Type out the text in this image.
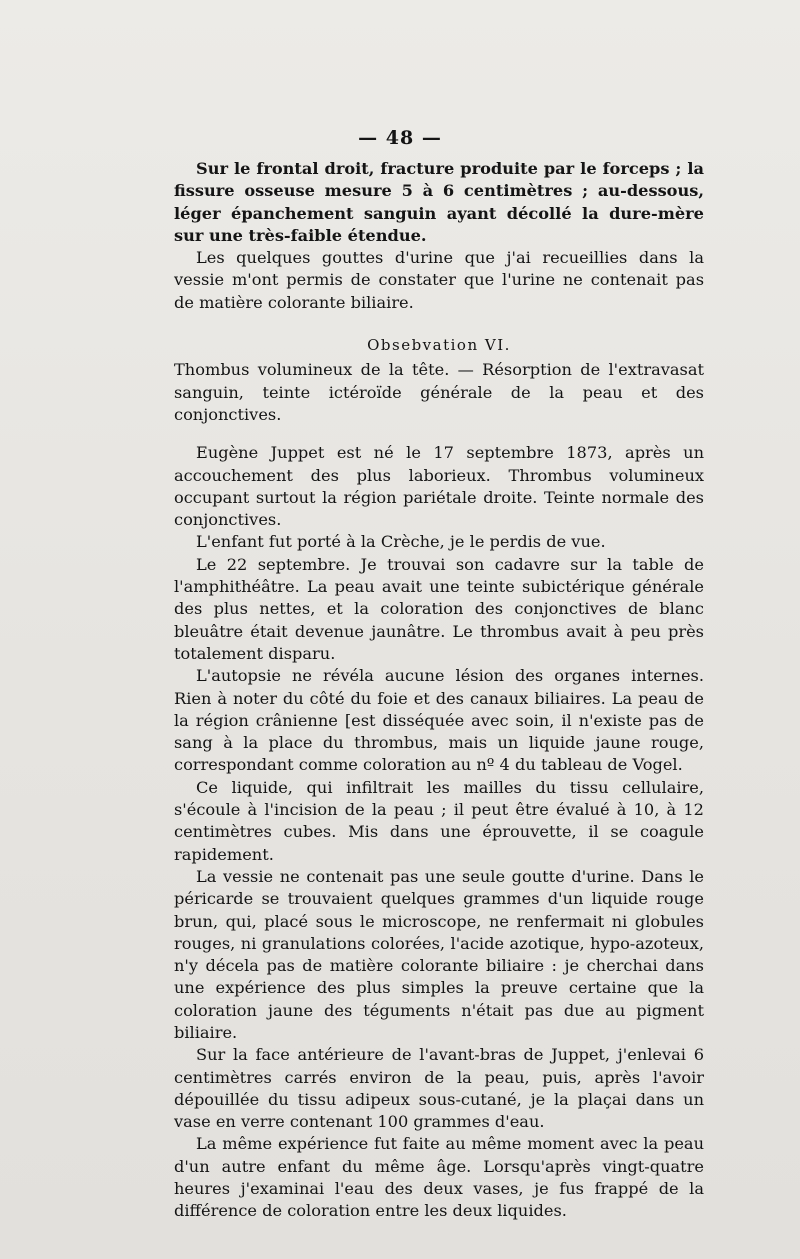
— 48 —

Sur le frontal droit, fracture produite par le forceps ; la fissure osseuse mesure 5 à 6 centimètres ; au-dessous, léger épanchement sanguin ayant décollé la dure-mère sur une très-faible étendue.

Les quelques gouttes d'urine que j'ai recueillies dans la vessie m'ont permis de constater que l'urine ne contenait pas de matière colorante biliaire.

Obsebvation VI.

Thombus volumineux de la tête. — Résorption de l'extravasat sanguin, teinte ictéroïde générale de la peau et des conjonctives.

Eugène Juppet est né le 17 septembre 1873, après un accouchement des plus laborieux. Thrombus volumineux occupant surtout la région pariétale droite. Teinte normale des conjonctives.

L'enfant fut porté à la Crèche, je le perdis de vue.

Le 22 septembre. Je trouvai son cadavre sur la table de l'amphithéâtre. La peau avait une teinte subictérique générale des plus nettes, et la coloration des conjonctives de blanc bleuâtre était devenue jaunâtre. Le thrombus avait à peu près totalement disparu.

L'autopsie ne révéla aucune lésion des organes internes. Rien à noter du côté du foie et des canaux biliaires. La peau de la région crânienne [est disséquée avec soin, il n'existe pas de sang à la place du thrombus, mais un liquide jaune rouge, correspondant comme coloration au nº 4 du tableau de Vogel.

Ce liquide, qui infiltrait les mailles du tissu cellulaire, s'écoule à l'incision de la peau ; il peut être évalué à 10, à 12 centimètres cubes. Mis dans une éprouvette, il se coagule rapidement.

La vessie ne contenait pas une seule goutte d'urine. Dans le péricarde se trouvaient quelques grammes d'un liquide rouge brun, qui, placé sous le microscope, ne renfermait ni globules rouges, ni granulations colorées, l'acide azotique, hypo-azoteux, n'y décela pas de matière colorante biliaire : je cherchai dans une expérience des plus simples la preuve certaine que la coloration jaune des téguments n'était pas due au pigment biliaire.

Sur la face antérieure de l'avant-bras de Juppet, j'enlevai 6 centimètres carrés environ de la peau, puis, après l'avoir dépouillée du tissu adipeux sous-cutané, je la plaçai dans un vase en verre contenant 100 grammes d'eau.

La même expérience fut faite au même moment avec la peau d'un autre enfant du même âge. Lorsqu'après vingt-quatre heures j'examinai l'eau des deux vases, je fus frappé de la différence de coloration entre les deux liquides.
